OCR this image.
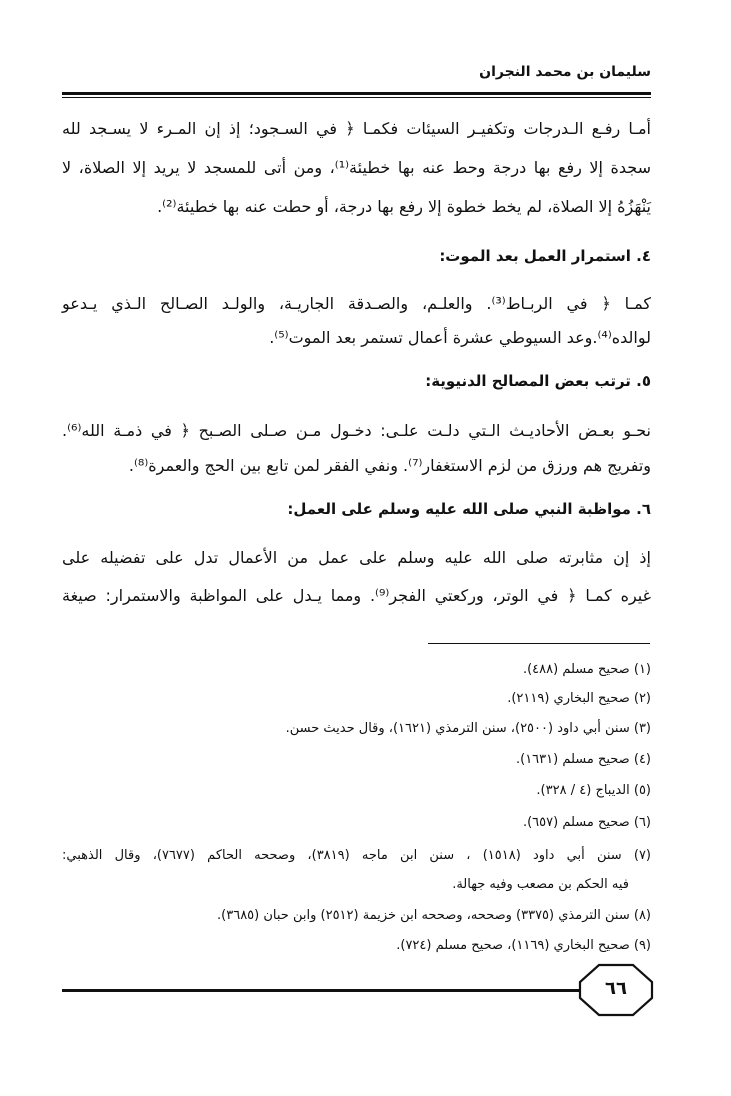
سليمان بن محمد النجران
أمـا رفـع الـدرجات وتكفيـر السيئات فكمـا ﴿ في السـجود؛ إذ إن المـرء لا يسـجد لله
سجدة إلا رفع بها درجة وحط عنه بها خطيئة⁽¹⁾، ومن أتى للمسجد لا يريد إلا الصلاة، لا
يَنْهَزُهُ إلا الصلاة، لم يخط خطوة إلا رفع بها درجة، أو حطت عنه بها خطيئة⁽²⁾.
٤. استمرار العمل بعد الموت:
كمـا ﴿ في الربـاط⁽³⁾. والعلـم، والصـدقة الجاريـة، والولـد الصـالح الـذي يـدعو
لوالده⁽⁴⁾.وعد السيوطي عشرة أعمال تستمر بعد الموت⁽⁵⁾.
٥. ترتب بعض المصالح الدنيوية:
نحـو بعـض الأحاديـث الـتي دلـت علـى: دخـول مـن صـلى الصـبح ﴿ في ذمـة الله⁽⁶⁾.
وتفريج هم ورزق من لزم الاستغفار⁽⁷⁾. ونفي الفقر لمن تابع بين الحج والعمرة⁽⁸⁾.
٦. مواظبة النبي صلى الله عليه وسلم على العمل:
إذ إن مثابرته صلى الله عليه وسلم على عمل من الأعمال تدل على تفضيله على
غيره كمـا ﴿ في الوتر، وركعتي الفجر⁽⁹⁾. ومما يـدل على المواظبة والاستمرار: صيغة
(١) صحيح مسلم (٤٨٨).
(٢) صحيح البخاري (٢١١٩).
(٣) سنن أبي داود (٢٥٠٠)، سنن الترمذي (١٦٢١)، وقال حديث حسن.
(٤) صحيح مسلم (١٦٣١).
(٥) الديباج (٤ / ٣٢٨).
(٦) صحيح مسلم (٦٥٧).
(٧) سنن أبي داود (١٥١٨) ، سنن ابن ماجه (٣٨١٩)، وصححه الحاكم (٧٦٧٧)، وقال الذهبي:
فيه الحكم بن مصعب وفيه جهالة.
(٨) سنن الترمذي (٣٣٧٥) وصححه، وصححه ابن خزيمة (٢٥١٢) وابن حبان (٣٦٨٥).
(٩) صحيح البخاري (١١٦٩)، صحيح مسلم (٧٢٤).
٦٦
